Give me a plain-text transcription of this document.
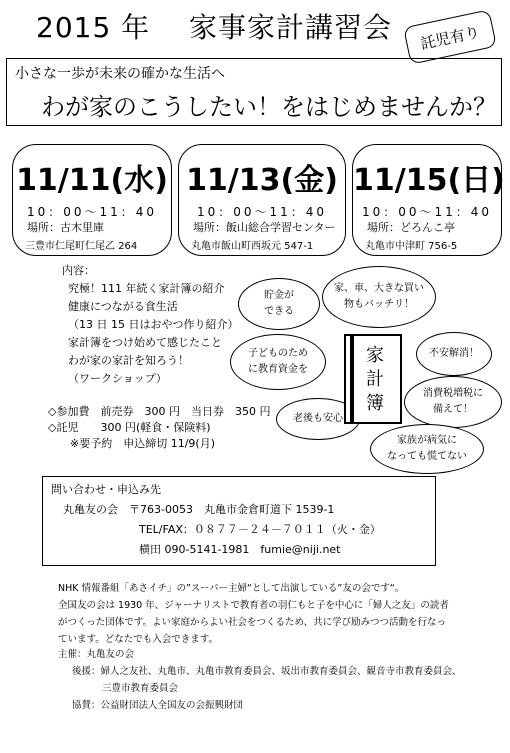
2015 年　 家事家計講習会	託児有り
小さな一歩が未来の確かな生活へ
わが家のこうしたい！をはじめませんか？
11/11(水)
10：00～11：40
場所：古木里庫
三豊市仁尾町仁尾乙 264
11/13(金)
10：00～11：40
場所：飯山総合学習センター
丸亀市飯山町西坂元 547-1
11/15(日)
10：00～11：40
場所：どろんこ亭
丸亀市中津町 756-5
内容：
究極！111 年続く家計簿の紹介
健康につながる食生活
（13 日 15 日はおやつ作り紹介）
家計簿をつけ始めて感じたこと
わが家の家計を知ろう！
（ワークショップ）
◇参加費　前売券　300 円　当日券　350 円
◇託児　　300 円(軽食・保険料)
※要予約　申込締切 11/9(月)
貯金が
できる
家、車、大きな買い
物もバッチリ！
子どものため
に教育資金を
不安解消！
消費税増税に
備えて！
老後も安心
家族が病気に
なっても慌てない
家計簿
問い合わせ・申込み先
丸亀友の会　〒763-0053　丸亀市金倉町道下 1539-1
TEL/FAX：０８７７－２４－７０１１（火・金）
横田 090-5141-1981　fumie@niji.net
NHK 情報番組「あさイチ」の”スーパー主婦“として出演している”友の会です“。
全国友の会は 1930 年、ジャーナリストで教育者の羽仁もと子を中心に「婦人之友」の読者
がつくった団体です。よい家庭からよい社会をつくるため、共に学び励みつつ活動を行なっ
ています。どなたでも入会できます。
主催：丸亀友の会
後援：婦人之友社、丸亀市、丸亀市教育委員会、坂出市教育委員会、観音寺市教育委員会、
三豊市教育委員会
協賛：公益財団法人全国友の会振興財団
